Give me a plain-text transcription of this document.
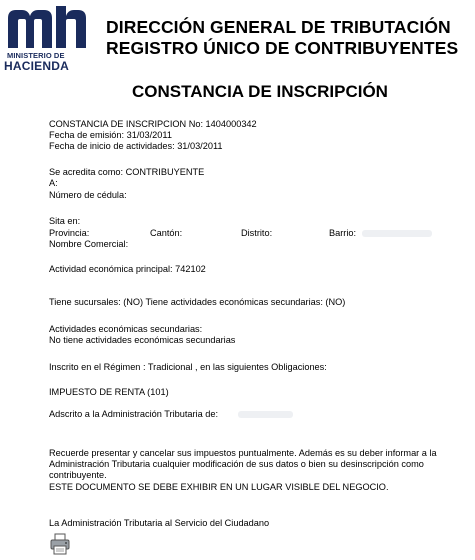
MINISTERIO DE
HACIENDA
DIRECCIÓN GENERAL DE TRIBUTACIÓN
REGISTRO ÚNICO DE CONTRIBUYENTES
CONSTANCIA DE INSCRIPCIÓN
CONSTANCIA DE INSCRIPCION No: 1404000342
Fecha de emisión: 31/03/2011
Fecha de inicio de actividades: 31/03/2011
Se acredita como: CONTRIBUYENTE
A:
Número de cédula:
Sita en:
Provincia:	Cantón:	Distrito:	Barrio:
Nombre Comercial:
Actividad económica principal: 742102
Tiene sucursales: (NO) Tiene actividades económicas secundarias: (NO)
Actividades económicas secundarias:
No tiene actividades económicas secundarias
Inscrito en el Régimen : Tradicional , en las siguientes Obligaciones:
IMPUESTO DE RENTA (101)
Adscrito a la Administración Tributaria de:
Recuerde presentar y cancelar sus impuestos puntualmente. Además es su deber informar a la
Administración Tributaria cualquier modificación de sus datos o bien su desinscripción como
contribuyente.
ESTE DOCUMENTO SE DEBE EXHIBIR EN UN LUGAR VISIBLE DEL NEGOCIO.
La Administración Tributaria al Servicio del Ciudadano
